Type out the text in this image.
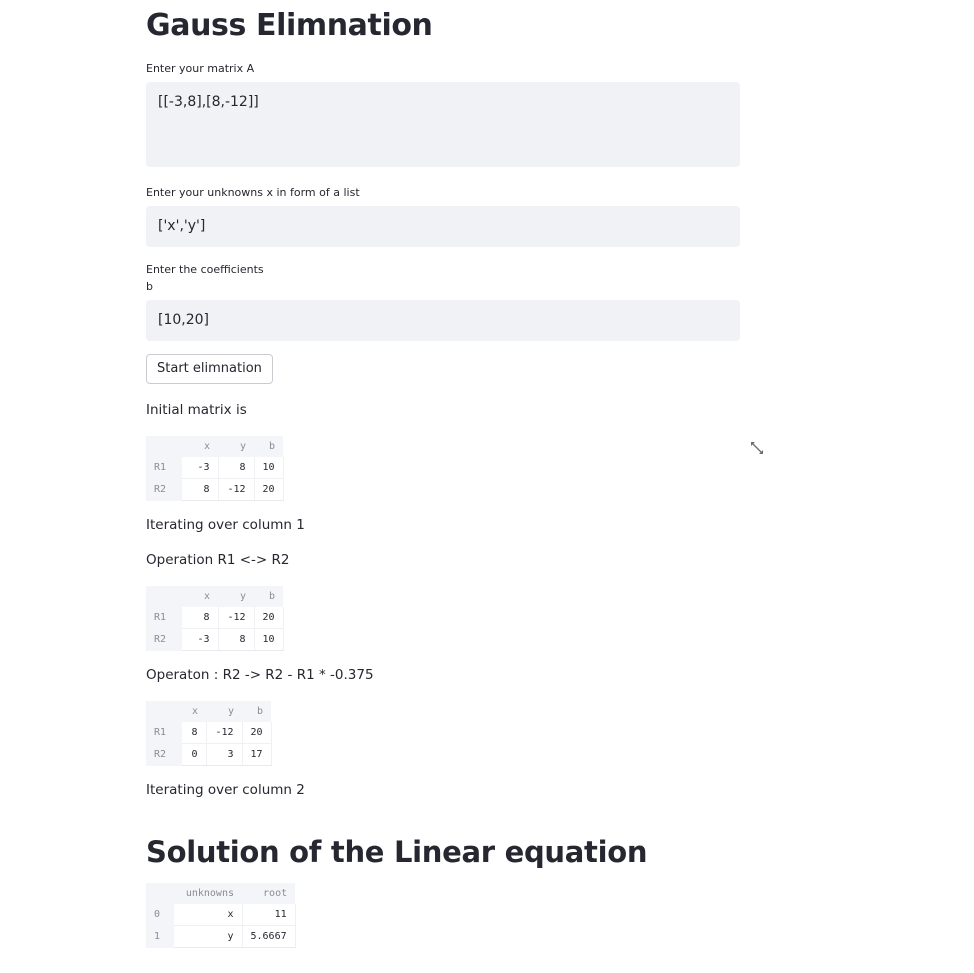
Gauss Elimnation
Enter your matrix A
[[-3,8],[8,-12]]
Enter your unknowns x in form of a list
['x','y']
Enter the coefficients
b
[10,20]
Start elimnation
Initial matrix is
	x	y	b
R1	-3	8	10
R2	8	-12	20
Iterating over column 1
Operation R1 <-> R2
	x	y	b
R1	8	-12	20
R2	-3	8	10
Operaton : R2 -> R2 - R1 * -0.375
	x	y	b
R1	8	-12	20
R2	0	3	17
Iterating over column 2
Solution of the Linear equation
	unknowns	root
0	x	11
1	y	5.6667
